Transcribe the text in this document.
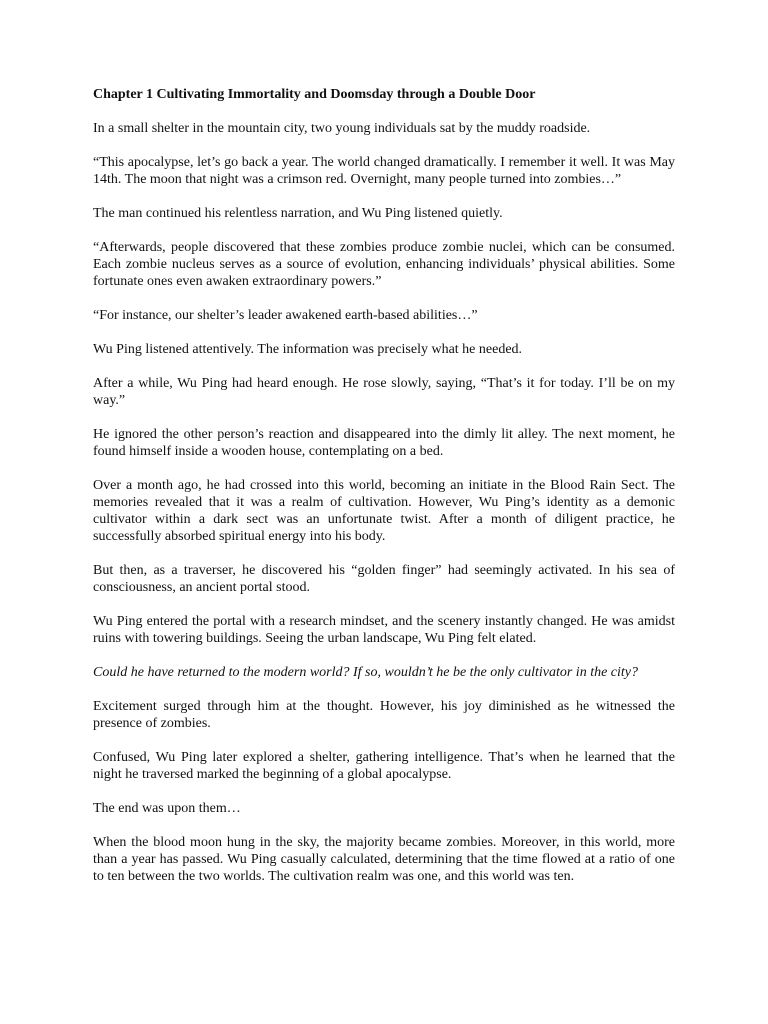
Chapter 1 Cultivating Immortality and Doomsday through a Double Door

In a small shelter in the mountain city, two young individuals sat by the muddy roadside.

“This apocalypse, let’s go back a year. The world changed dramatically. I remember it well. It was May 14th. The moon that night was a crimson red. Overnight, many people turned into zombies…”

The man continued his relentless narration, and Wu Ping listened quietly.

“Afterwards, people discovered that these zombies produce zombie nuclei, which can be consumed. Each zombie nucleus serves as a source of evolution, enhancing individuals’ physical abilities. Some fortunate ones even awaken extraordinary powers.”

“For instance, our shelter’s leader awakened earth-based abilities…”

Wu Ping listened attentively. The information was precisely what he needed.

After a while, Wu Ping had heard enough. He rose slowly, saying, “That’s it for today. I’ll be on my way.”

He ignored the other person’s reaction and disappeared into the dimly lit alley. The next moment, he found himself inside a wooden house, contemplating on a bed.

Over a month ago, he had crossed into this world, becoming an initiate in the Blood Rain Sect. The memories revealed that it was a realm of cultivation. However, Wu Ping’s identity as a demonic cultivator within a dark sect was an unfortunate twist. After a month of diligent practice, he successfully absorbed spiritual energy into his body.

But then, as a traverser, he discovered his “golden finger” had seemingly activated. In his sea of consciousness, an ancient portal stood.

Wu Ping entered the portal with a research mindset, and the scenery instantly changed. He was amidst ruins with towering buildings. Seeing the urban landscape, Wu Ping felt elated.

Could he have returned to the modern world? If so, wouldn’t he be the only cultivator in the city?

Excitement surged through him at the thought. However, his joy diminished as he witnessed the presence of zombies.

Confused, Wu Ping later explored a shelter, gathering intelligence. That’s when he learned that the night he traversed marked the beginning of a global apocalypse.

The end was upon them…

When the blood moon hung in the sky, the majority became zombies. Moreover, in this world, more than a year has passed. Wu Ping casually calculated, determining that the time flowed at a ratio of one to ten between the two worlds. The cultivation realm was one, and this world was ten.
